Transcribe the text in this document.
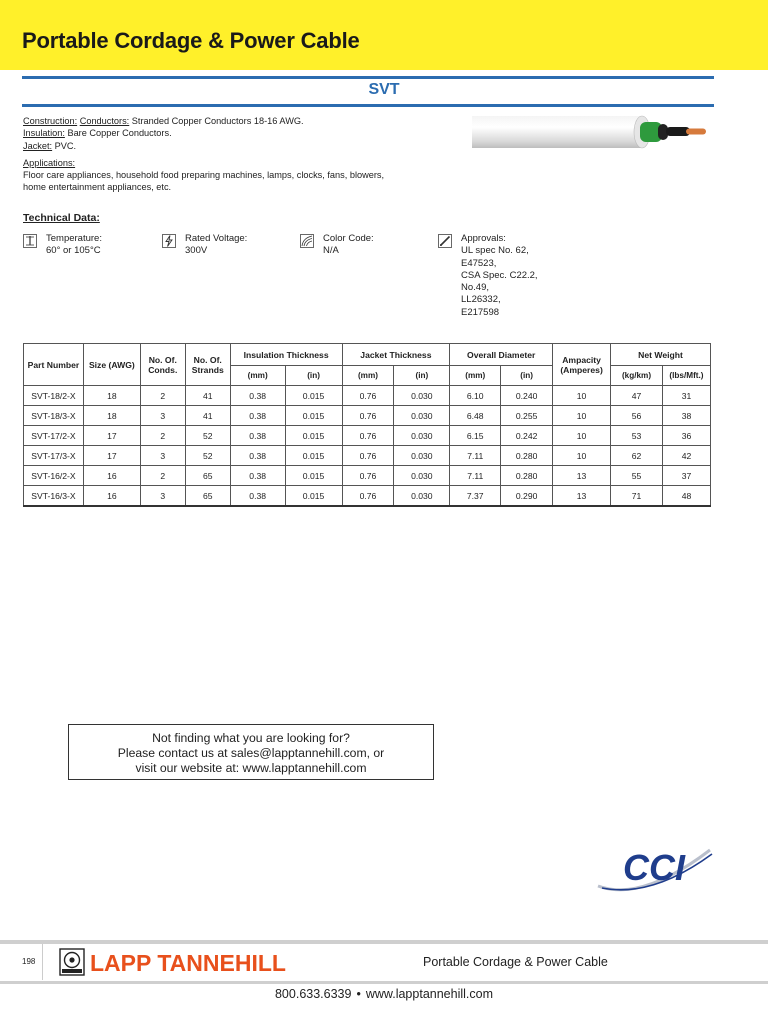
Portable Cordage & Power Cable
SVT
Construction: Conductors: Stranded Copper Conductors 18-16 AWG.
Insulation: Bare Copper Conductors.
Jacket: PVC.
Applications:
Floor care appliances, household food preparing machines, lamps, clocks, fans, blowers,
home entertainment appliances, etc.
Technical Data:
Temperature:
60° or 105°C
Rated Voltage:
300V
Color Code:
N/A
Approvals:
UL spec No. 62,
E47523,
CSA Spec. C22.2,
No.49,
LL26332,
E217598
Part Number	Size (AWG)	No. Of. Conds.	No. Of. Strands	Insulation Thickness		Jacket Thickness		Overall Diameter		Ampacity (Amperes)	Net Weight	
				(mm)	(in)	(mm)	(in)	(mm)	(in)		(kg/km)	(lbs/Mft.)
SVT-18/2-X	18	2	41	0.38	0.015	0.76	0.030	6.10	0.240	10	47	31
SVT-18/3-X	18	3	41	0.38	0.015	0.76	0.030	6.48	0.255	10	56	38
SVT-17/2-X	17	2	52	0.38	0.015	0.76	0.030	6.15	0.242	10	53	36
SVT-17/3-X	17	3	52	0.38	0.015	0.76	0.030	7.11	0.280	10	62	42
SVT-16/2-X	16	2	65	0.38	0.015	0.76	0.030	7.11	0.280	13	55	37
SVT-16/3-X	16	3	65	0.38	0.015	0.76	0.030	7.37	0.290	13	71	48
Not finding what you are looking for?
Please contact us at sales@lapptannehill.com, or
visit our website at: www.lapptannehill.com
CCI
198 LAPP TANNEHILL	Portable Cordage & Power Cable
800.633.6339 • www.lapptannehill.com
